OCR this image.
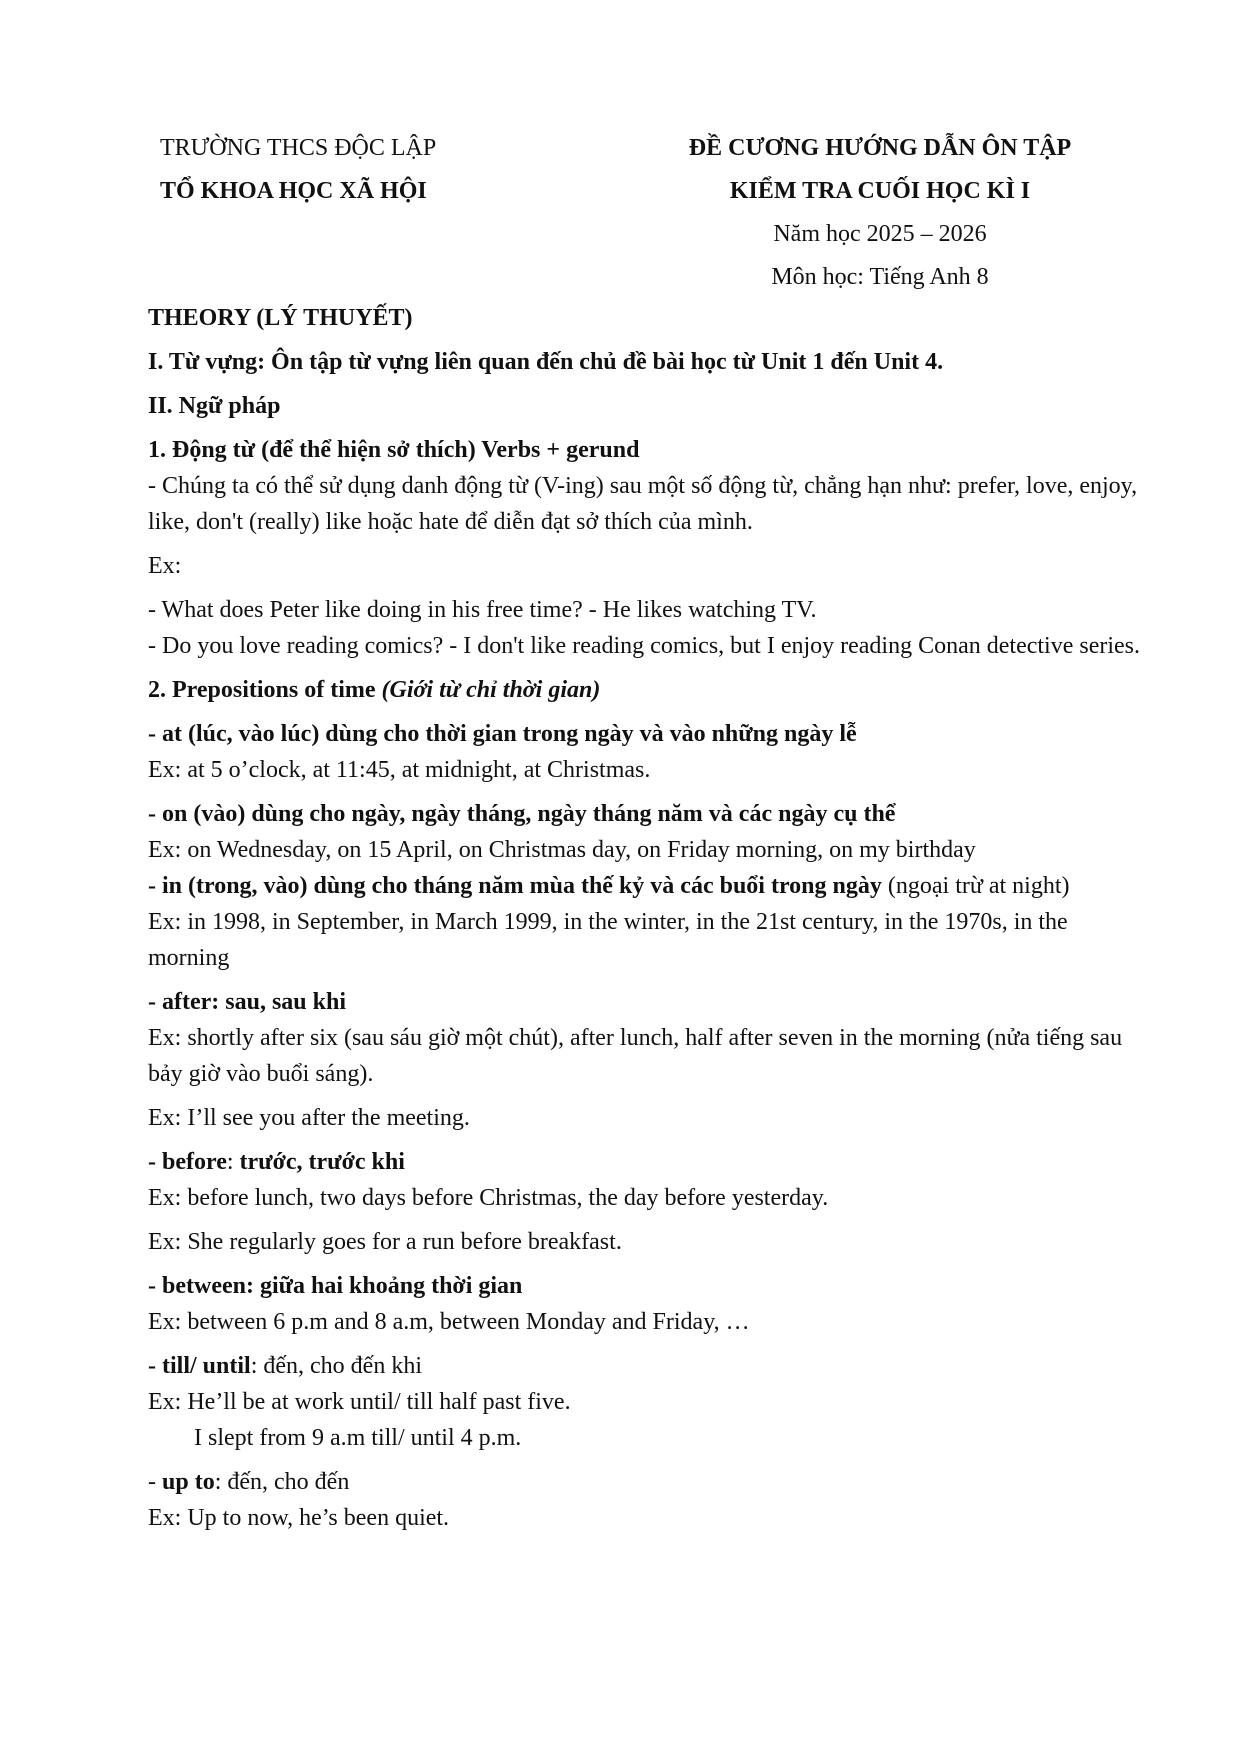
TRƯỜNG THCS ĐỘC LẬP
TỔ KHOA HỌC XÃ HỘI
ĐỀ CƯƠNG HƯỚNG DẪN ÔN TẬP
KIỂM TRA CUỐI HỌC KÌ I
Năm học 2025 – 2026
Môn học: Tiếng Anh 8

THEORY (LÝ THUYẾT)

I. Từ vựng: Ôn tập từ vựng liên quan đến chủ đề bài học từ Unit 1 đến Unit 4.

II. Ngữ pháp

1. Động từ (để thể hiện sở thích) Verbs + gerund

- Chúng ta có thể sử dụng danh động từ (V-ing) sau một số động từ, chẳng hạn như: prefer, love, enjoy, like, don't (really) like hoặc hate để diễn đạt sở thích của mình.

Ex:

- What does Peter like doing in his free time? - He likes watching TV.

- Do you love reading comics? - I don't like reading comics, but I enjoy reading Conan detective series.

2. Prepositions of time (Giới từ chỉ thời gian)

- at (lúc, vào lúc) dùng cho thời gian trong ngày và vào những ngày lễ

Ex: at 5 o’clock, at 11:45, at midnight, at Christmas.

- on (vào) dùng cho ngày, ngày tháng, ngày tháng năm và các ngày cụ thể

Ex: on Wednesday, on 15 April, on Christmas day, on Friday morning, on my birthday

- in (trong, vào) dùng cho tháng năm mùa thế kỷ và các buổi trong ngày (ngoại trừ at night)

Ex: in 1998, in September, in March 1999, in the winter, in the 21st century, in the 1970s, in the morning

- after: sau, sau khi

Ex: shortly after six (sau sáu giờ một chút), after lunch, half after seven in the morning (nửa tiếng sau bảy giờ vào buổi sáng).

Ex: I’ll see you after the meeting.

- before: trước, trước khi

Ex: before lunch, two days before Christmas, the day before yesterday.

Ex: She regularly goes for a run before breakfast.

- between: giữa hai khoảng thời gian

Ex: between 6 p.m and 8 a.m, between Monday and Friday, …

- till/ until: đến, cho đến khi

Ex: He’ll be at work until/ till half past five.

I slept from 9 a.m till/ until 4 p.m.

- up to: đến, cho đến

Ex: Up to now, he’s been quiet.
